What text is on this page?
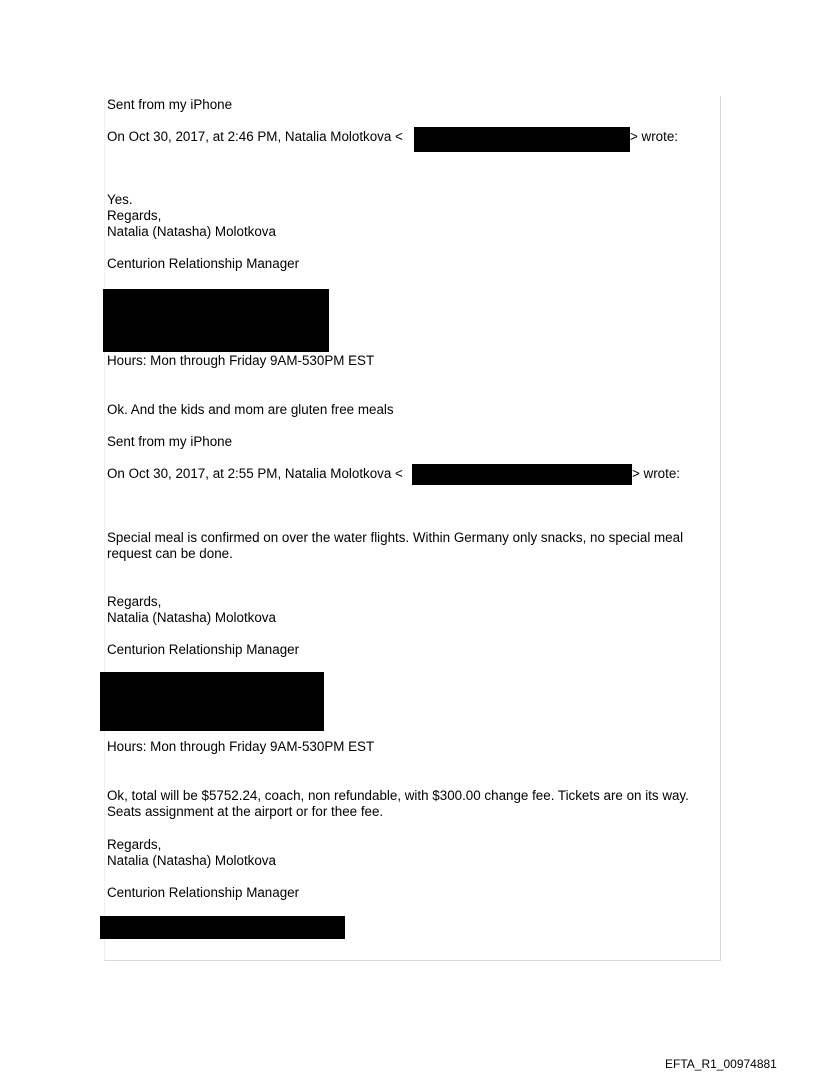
Sent from my iPhone
On Oct 30, 2017, at 2:46 PM, Natalia Molotkova <	> wrote:
Yes.
Regards,
Natalia (Natasha) Molotkova
Centurion Relationship Manager
Hours: Mon through Friday 9AM-530PM EST
Ok. And the kids and mom are gluten free meals
Sent from my iPhone
On Oct 30, 2017, at 2:55 PM, Natalia Molotkova <	> wrote:
Special meal is confirmed on over the water flights. Within Germany only snacks, no special meal
request can be done.
Regards,
Natalia (Natasha) Molotkova
Centurion Relationship Manager
Hours: Mon through Friday 9AM-530PM EST
Ok, total will be $5752.24, coach, non refundable, with $300.00 change fee. Tickets are on its way.
Seats assignment at the airport or for thee fee.
Regards,
Natalia (Natasha) Molotkova
Centurion Relationship Manager
EFTA_R1_00974881
